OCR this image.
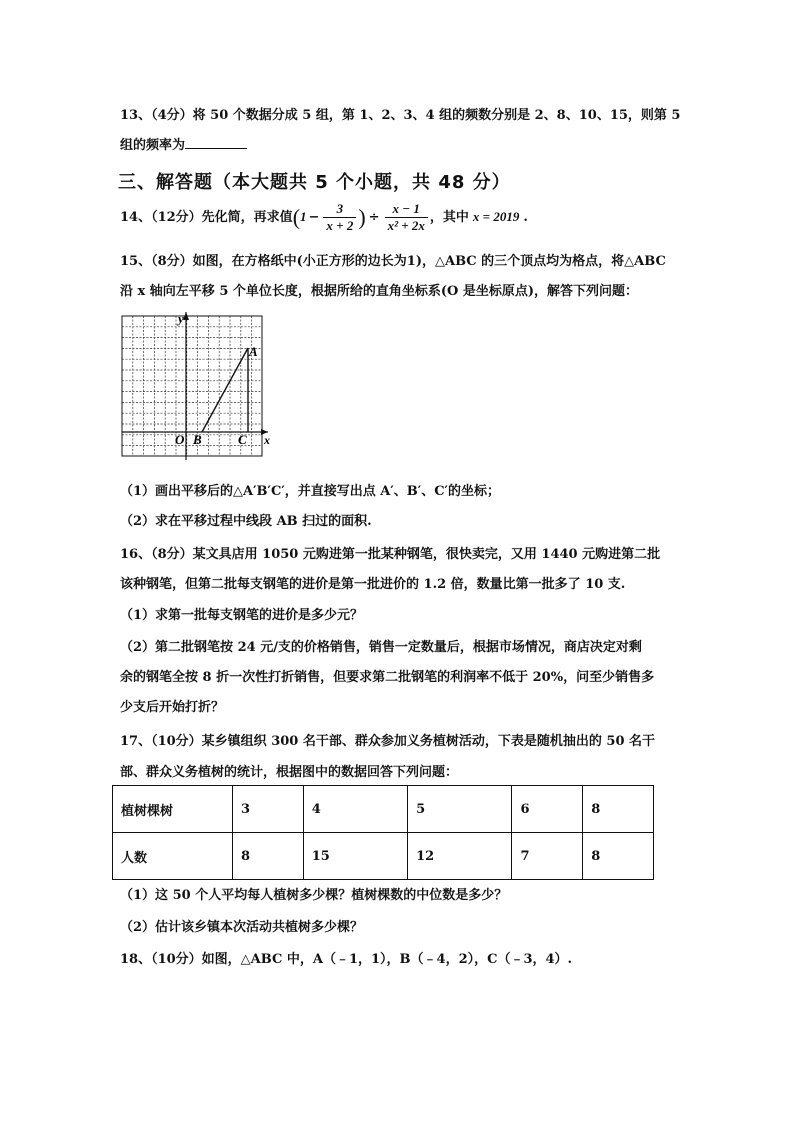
13、（4分）将 50 个数据分成 5 组，第 1、2、3、4 组的频数分别是 2、8、10、15，则第 5
组的频率为
三、解答题（本大题共 5 个小题，共 48 分）
14、（12分）先化简，再求值($1 - \frac{3}{x + 2}$ ) ÷ $\frac{x - 1}{\text{x² + 2x}}$ ，其中 x = 2019 .
15、（8分）如图，在方格纸中(小正方形的边长为1)，△ABC 的三个顶点均为格点，将△ABC
沿 x 轴向左平移 5 个单位长度，根据所给的直角坐标系(O 是坐标原点)，解答下列问题：
y
x
O B	C
A
（1）画出平移后的△A′B′C′，并直接写出点 A′、B′、C′的坐标；
（2）求在平移过程中线段 AB 扫过的面积.
16、（8分）某文具店用 1050 元购进第一批某种钢笔，很快卖完，又用 1440 元购进第二批
该种钢笔，但第二批每支钢笔的进价是第一批进价的 1.2 倍，数量比第一批多了 10 支.
（1）求第一批每支钢笔的进价是多少元？
（2）第二批钢笔按 24 元/支的价格销售，销售一定数量后，根据市场情况，商店决定对剩
余的钢笔全按 8 折一次性打折销售，但要求第二批钢笔的利润率不低于 20%，问至少销售多
少支后开始打折？
17、（10分）某乡镇组织 300 名干部、群众参加义务植树活动，下表是随机抽出的 50 名干
部、群众义务植树的统计，根据图中的数据回答下列问题：
植树棵树	3	4	5	6	8
人数	8	15	12	7	8
（1）这 50 个人平均每人植树多少棵？植树棵数的中位数是多少？
（2）估计该乡镇本次活动共植树多少棵？
18、（10分）如图，△ABC 中，A（﹣1，1），B（﹣4，2），C（﹣3，4）.
